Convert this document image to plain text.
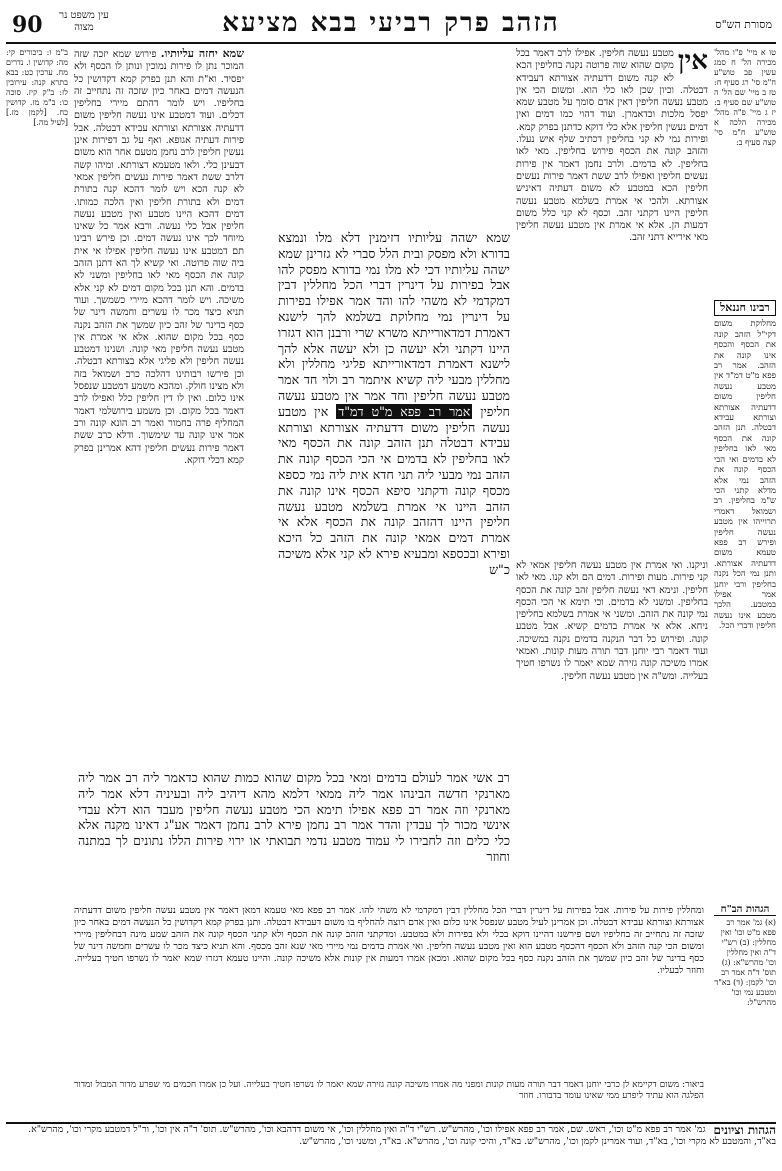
90	הזהב פרק רביעי בבא מציעא	מסורת הש"ס
עין משפט נר מצוה

טו א מיי' פ"ו מהל' מכירה הל' ח סמג עשין פב טוש"ע ח"מ סי' רג סעיף ח: טז ב מיי' שם הל' ה טוש"ע שם סעיף ב: יז ג מיי' פ"ה מהל' מכירה הלכה א טוש"ע ח"מ סי' קצה סעיף ב:

רבינו חננאל

מחלוקת משום דקי"ל הזהב קונה את הכסף והכסף אינו קונה את הזהב. אמר רב פפא מ"ט דמ"ד אין מטבע נעשה חליפין משום דדעתיה אצורתא וצורתא עבידא דבטלה. תנן הזהב קונה את הכסף מאי לאו בחליפין לא בדמים ואי הכי הכסף קונה את הזהב נמי אלא מדלא קתני הכי ש"מ בחליפין. רב ושמואל דאמרי תרוייהו אין מטבע נעשה חליפין ופירש רב פפא טעמא משום דדעתיה אצורתא. ותנן נמי הכל נקנה בחליפין ורבי יוחנן אמר אפילו במטבע. הלכך מטבע אינו נעשה חליפין ודברי הכל.

אין

מטבע נעשה חליפין. אפילו לרב דאמר בכל מקום שהוא שוה פרוטה נקנה בחליפין הכא לא קנה משום דדעתיה אצורתא דעבידא דבטלה. וכיון שכן לאו כלי הוא. ומשום הכי אין מטבע נעשה חליפין דאין אדם סומך על מטבע שמא יפסל מלכות וכדאמרן. ועוד דהוי כמו דמים ואין דמים נעשין חליפין אלא כלי דוקא כדתנן בפרק קמא. ופירות נמי לא קני בחליפין דכתיב שלף איש נעלו. והזהב קונה את הכסף פירוש בחליפין. מאי לאו בחליפין. לא בדמים. ולרב נחמן דאמר אין פירות נעשים חליפין ואפילו לרב ששת דאמר פירות נעשים חליפין הכא במטבע לא משום דעתיה דאיניש אצורתא. ולהכי אי אמרת בשלמא מטבע נעשה חליפין היינו דקתני זהב. וכסף לא קני כלל משום דמעות הן. אלא אי אמרת אין מטבע נעשה חליפין מאי אירייא דתני זהב.

וניקנו. ואי אמרת אין מטבע נעשה חליפין אמאי לא קני פירות. מעות ופירות. דמים הם ולא קנו. מאי לאו חליפין. ונימא דאי נעשה חליפין זהב קונה את הכסף בחליפין. ומשני לא בדמים. וכי תימא אי הכי הכסף נמי קונה את הזהב. ומשני אי אמרת בשלמא בחליפין ניחא. אלא אי אמרת בדמים קשיא. אבל מטבע קונה. ופירוש כל דבר הנקנה בדמים נקנה במשיכה. ועוד דאמר רבי יוחנן דבר תורה מעות קונות. ואמאי אמרו משיכה קונה גזירה שמא יאמר לו נשרפו חטיך בעלייה. ומש"ה אין מטבע נעשה חליפין.

שמא יחזה עליותיו. פירוש שמא יזכה שזה המוכר נתן לו פירות נמוכין ונותן לו הכסף ולא יפסיד. וא"ת והא תנן בפרק קמא דקדושין כל הנעשה דמים באחר כיון שזכה זה נתחייב זה בחליפיו. ויש לומר דהתם מיירי בחליפין דכלים. ועוד דמטבע אינו נעשה חליפין משום דדעתיה אצורתא וצורתא עבידא דבטלה. אבל פירות דעתיה אגופא. ואף על גב דפירות אינן נעשין חליפין לרב נחמן מטעם אחר הוא משום דבעינן כלי. ולאו מטעמא דצורתא. ומיהו קשה דלרב ששת דאמר פירות נעשים חליפין אמאי לא קנה הכא ויש לומר דהכא קנה בתורת דמים ולא בתורת חליפין ואין הלכה כמותו. דמים דהכא היינו מטבע ואין מטבע נעשה חליפין אבל כלי נעשה. ורבא אמר כל שאינו מיוחד לכך אינו נעשה דמים. וכן פירש רבינו תם דמטבע אינו נעשה חליפין אפילו אי אית ביה שוה פרוטה. ואי קשיא לך הא דתנן הזהב קונה את הכסף מאי לאו בחליפין ומשני לא בדמים. והא תנן בכל מקום דמים לא קני אלא משיכה. ויש לומר דהכא מיירי כשמשך. ועוד תניא כיצד מכר לו עשרים וחמשה דינר של כסף בדינר של זהב כיון שמשך את הזהב נקנה כסף בכל מקום שהוא. אלא אי אמרת אין מטבע נעשה חליפין מאי קונה. ושנינו דמטבע נעשה חליפין ולא פליגי אלא בצורתא דבטלה. וכן פירשו רבותינו דהלכה כרב ושמואל בזה ולא מצינו חולק. ומהכא משמע דמטבע שנפסל אינו כלום. ואין לו דין חליפין כלל ואפילו לרב דאמר בכל מקום. וכן משמע בירושלמי דאמר המחליף פרה בחמור ואמר רב הונא קונה ורב אמר אינו קונה עד שימשוך. ודלא כרב ששת דאמר פירות נעשים חליפין דהא אמרינן בפרק קמא דכלי דוקא.

ב"מ ו: ביכורים קי: מה: קדושין ו. נדרים מח. ערכין כט: בבא בתרא קנה: עירובין לז: ב"ק קיז. סוכה כו: ב"מ מז. קדושין כח. [לקמן מז.] [לעיל מה.]

שמא ישהה עליותיו דזימנין דלא מלו ונמצא בדורא ולא מפסק ובית הלל סברי לא גזרינן שמא ישהה עליותיו דכי לא מלו נמי בדורא מפסק להו אבל בפירות על דינרין דברי הכל מחללין דבין דמקדמי לא משהי להו והד אמר אפילו בפירות על דינרין נמי מחלוקת בשלמא להך לישנא דאמרת דמדאורייתא משרא שרי ורבנן הוא דגזרו היינו דקתני ולא יעשה כן ולא יעשה אלא להך לישנא דאמרת דמדאורייתא פליגי מחללין ולא מחללין מבעי ליה קשיא איתמר רב ולוי חד אמר מטבע נעשה חליפין וחד אמר אין מטבע נעשה חליפין אמר רב פפא מ"ט דמ"ד אין מטבע נעשה חליפין משום דדעתיה אצורתא וצורתא עבידא דבטלה תנן הזהב קונה את הכסף מאי לאו בחליפין לא בדמים אי הכי הכסף קונה את הזהב נמי מבעי ליה תני חדא אית ליה נמי כספא מכסף קונה ודקתני סיפא הכסף אינו קונה את הזהב היינו אי אמרת בשלמא מטבע נעשה חליפין היינו דהזהב קונה את הכסף אלא אי אמרת דמים אמאי קונה את הזהב כל היכא ופירא ובכספא ומבעיא פירא לא קני אלא משיכה כ"ש
רב אשי אמר לעולם בדמים ומאי בכל מקום שהוא כמות שהוא כדאמר ליה רב אמר ליה מארנקי חדשה הבינהו אמר ליה ממאי דלמא מהא דיהיב ליה ובעיניה דלא אמר ליה מארנקי וזה אמר רב פפא אפילו תימא הכי מטבע נעשה חליפין מעבד הוא דלא עבדי אינשי מכור לך עבדין והדר אמר רב נחמן פירא לרב נחמן דאמר אע"ג דאינו מקנה אלא כלי כלים וזה לחבירו לי עמוד מטבע נדמי תבואתי או ירוי פירות הללו נתונים לך במתנה וחוזר
ומחללין פירות על פירות. אבל בפירות על דינרין דברי הכל מחללין דבין דמקדמי לא משהי להו. אמר רב פפא מאי טעמא דמאן דאמר אין מטבע נעשה חליפין משום דדעתיה אצורתא וצורתא עבידא דבטלה. וכן אמרינן לעיל מטבע שנפסל אינו כלום ואין אדם רוצה להחליף בו משום דעבידא דבטלה. ותנן בפרק קמא דקדושין כל הנעשה דמים באחר כיון שזכה זה נתחייב זה בחליפיו ושם פירשנו דהיינו דוקא בכלי ולא בפירות ולא במטבע. ומדקתני הזהב קונה את הכסף ולא קתני הכסף קונה את הזהב שמע מינה דבחליפין מיירי ומשום הכי קנה הזהב ולא הכסף דהכסף מטבע הוא ואין מטבע נעשה חליפין. ואי אמרת בדמים נמי מיירי מאי שנא זהב מכסף. והא תניא כיצד מכר לו עשרים וחמשה דינר של כסף בדינר של זהב כיון שמשך את הזהב נקנה כסף בכל מקום שהוא. ומכאן אמרו דמעות אין קונות אלא משיכה קונה. והיינו טעמא דגזרו שמא יאמר לו נשרפו חטיך בעלייה. וחוזר לבעליו.
ביאור: משום דקיימא לן כרבי יוחנן דאמר דבר תורה מעות קונות ומפני מה אמרו משיכה קונה גזירה שמא יאמר לו נשרפו חטיך בעלייה. ועל כן אמרו חכמים מי שפרע מדור המבול ומדור הפלגה הוא עתיד ליפרע ממי שאינו עומד בדבורו. חוזר
הגהות הב"ח

(א) גמ' אמר רב פפא מ"ט וכו' ואין מחללין: (ב) רש"י ד"ה ואין מחללין וכו' מהרש"א: (ג) תוס' ד"ה אמר רב וכו' לקמן: (ד) בא"ד ומטבע נמי וכו' מהרש"ל:

הגהות וציונים
גמ' אמר רב פפא מ"ט וכו', ראש. שם, אמר רב פפא אפילו וכו', מהרש"ש. רש"י ד"ה ואין מחללין וכו', אי משום דדהבא וכו', מהרש"ש. תוס' ד"ה אין וכו', ור"ל דמטבע מקרי וכו', מהרש"א. בא"ד, והמטבע לא מקרי וכו', בא"ד, ועוד אמרינן לקמן וכו', מהרש"ש. בא"ד, והיכי קונה וכו', מהרש"א. בא"ד, ומשני וכו', מהרש"ש.
